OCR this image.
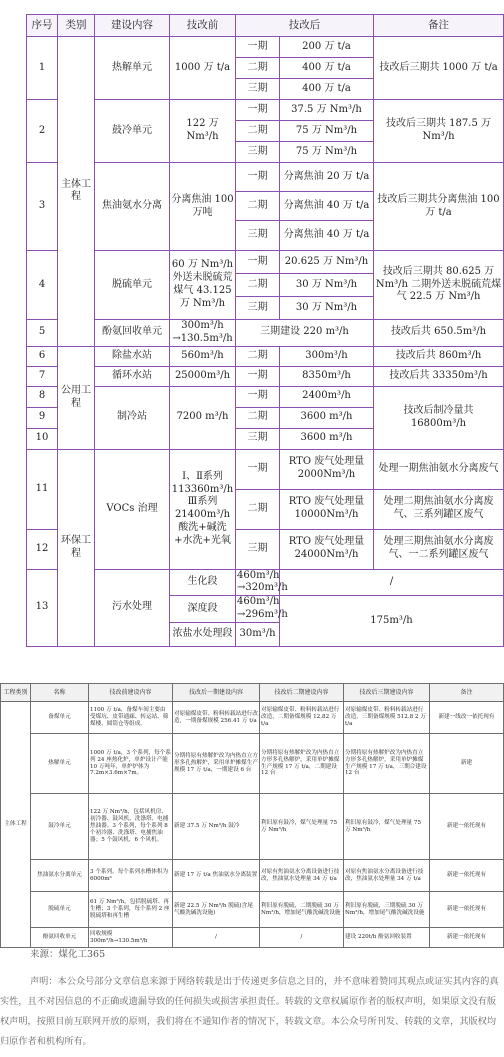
序号	类别	建设内容	技改前	技改后		备注	
1	主体工程	热解单元	1000 万 t/a	一期	200 万 t/a	技改后三期共 1000 万 t/a	
				二期	400 万 t/a		
				三期	400 万 t/a		
2		鼓冷单元	122 万 Nm³/h	一期	37.5 万 Nm³/h	技改后三期共 187.5 万 Nm³/h	
				二期	75 万 Nm³/h		
				三期	75 万 Nm³/h		
3		焦油氨水分离	分离焦油 100 万吨	一期	分离焦油 20 万 t/a	技改后三期共分离焦油 100 万 t/a	
				二期	分离焦油 40 万 t/a		
				三期	分离焦油 40 万 t/a		
4		脱硫单元	60 万 Nm³/h 外送未脱硫荒煤气 43.125 万 Nm³/h	一期	20.625 万 Nm³/h	技改后三期共 80.625 万 Nm³/h 二期外送未脱硫荒煤气 22.5 万 Nm³/h	
				二期	30 万 Nm³/h		
				三期	30 万 Nm³/h		
5		酚氨回收单元	300m³/h →130.5m³/h	三期建设 220 m³/h		技改后共 650.5m³/h	
6	公用工程	除盐水站	560m³/h	二期	300m³/h	技改后共 860m³/h	
7		循环水站	25000m³/h	一期	8350m³/h	技改后共 33350m³/h	
8		制冷站	7200 m³/h	一期	2400m³/h	技改后制冷量共 16800m³/h	
9				二期	3600 m³/h		
10				三期	3600 m³/h		
11	环保工程	VOCs 治理	Ⅰ、Ⅱ系列 113360m³/h Ⅲ系列 21400m³/h 酸洗+碱洗+水洗+光氧	一期	RTO 废气处理量 2000Nm³/h	处理一期焦油氨水分离废气	
				二期	RTO 废气处理量 10000Nm³/h	处理二期焦油氨水分离废气、三系列罐区废气	
12				三期	RTO 废气处理量 24000Nm³/h	处理三期焦油氨水分离废气、一二系列罐区废气	
13		污水处理	生化段	460m³/h →320m³/h	/	
			深度段	460m³/h →296m³/h	175m³/h	
			浓盐水处理段	30m³/h			
工程类别	名称	技改前建设内容	技改后一期建设内容	技改后二期建设内容	技改后三期建设内容	备注
主体工程	备煤单元	1100 万 t/a，备煤车间主要由受煤坑、皮带通廊、转运站、筛煤楼、圆筒仓等组成。	对原输煤皮带、粉料转载站进行改造，一期备煤规模 256.41 万 t/a	对原输煤皮带、粉料转载站进行改造，二期备煤规模 12.82 万 t/a	对原输煤皮带、粉料转载站进行改造，三期备煤规模 512.8 2 万 t/a	新建一线改一依托现有
	热解单元	1000 万 t/a，3 个系列，每个系列 24 座热化炉，单炉设计产能 10 万吨年，单炉炉体为 7.2m×3.6m×7m。	分期将原有热解炉改为内热直立方形多孔热解炉，采用单炉摊煤生产规模 17 万 t/a，一期建设 6 台	分期将原有热解炉改为内热直立方形多孔热解炉，采用单炉摊煤生产规模 17 万 t/a，二期建设 12 台	分期将原有热解炉改为内热直立方形多孔热解炉，采用单炉摊煤生产规模 17 万 t/a，三期合建设 12 台	新建
	鼓冷单元	122 万 Nm³/h，包括风机房、初冷器、鼓风机、洗涤塔、电捕焦油器。3 个系列，每个系列 8 个初冷器、洗涤塔、电捕焦油器；5 个鼓风机，6 个风机。	新建 37.5 万 Nm³/h 鼓冷	利旧原有鼓冷，煤气处理量 75 万 Nm³/h	利旧原有鼓冷，煤气处理量 75 万 Nm³/h	新建一依托现有
	焦油氨水分离单元	3 个系列，每个系列水槽体积为 6000m³	新建 17 万 t/a 焦油氨水分离装置	对原有焦油氨水分离设备进行技改，焦油氨水处理量 34 万 t/a	对原有焦油氨水分离设备进行技改，焦油氨水处理量 34 万 t/a	新建一依托现有
	脱硫单元	61 万 Nm³/h，包括脱硫塔、再生槽；3 个系列，每个系列 2 座脱硫塔和再生槽	新建 22.5 万 Nm³/h 脱硫(含尾气酸洗碱洗设施)	利旧原有脱硫，二期脱硫 30 万 Nm³/h，增加尾气酸洗碱洗设施	利旧原有脱硫，三期脱硫 30 万 Nm³/h，增加尾气酸洗碱洗设施	新建一依托现有
	酚氨回收单元	回收规模 300m³/h→130.5m³/h	/	/	建设 220t/h 酚氨回收装置	新建一依托现有
来源：煤化工365

声明：本公众号部分文章信息来源于网络转载是出于传递更多信息之目的，并不意味着赞同其观点或证实其内容的真

实性，且不对因信息的不正确或遗漏导致的任何损失或损害承担责任。转载的文章权属原作者的版权声明，如果原文没有版

权声明，按照目前互联网开放的原则，我们将在不通知作者的情况下，转载文章。本公众号所刊发、转载的文章，其版权均

归原作者和机构所有。
